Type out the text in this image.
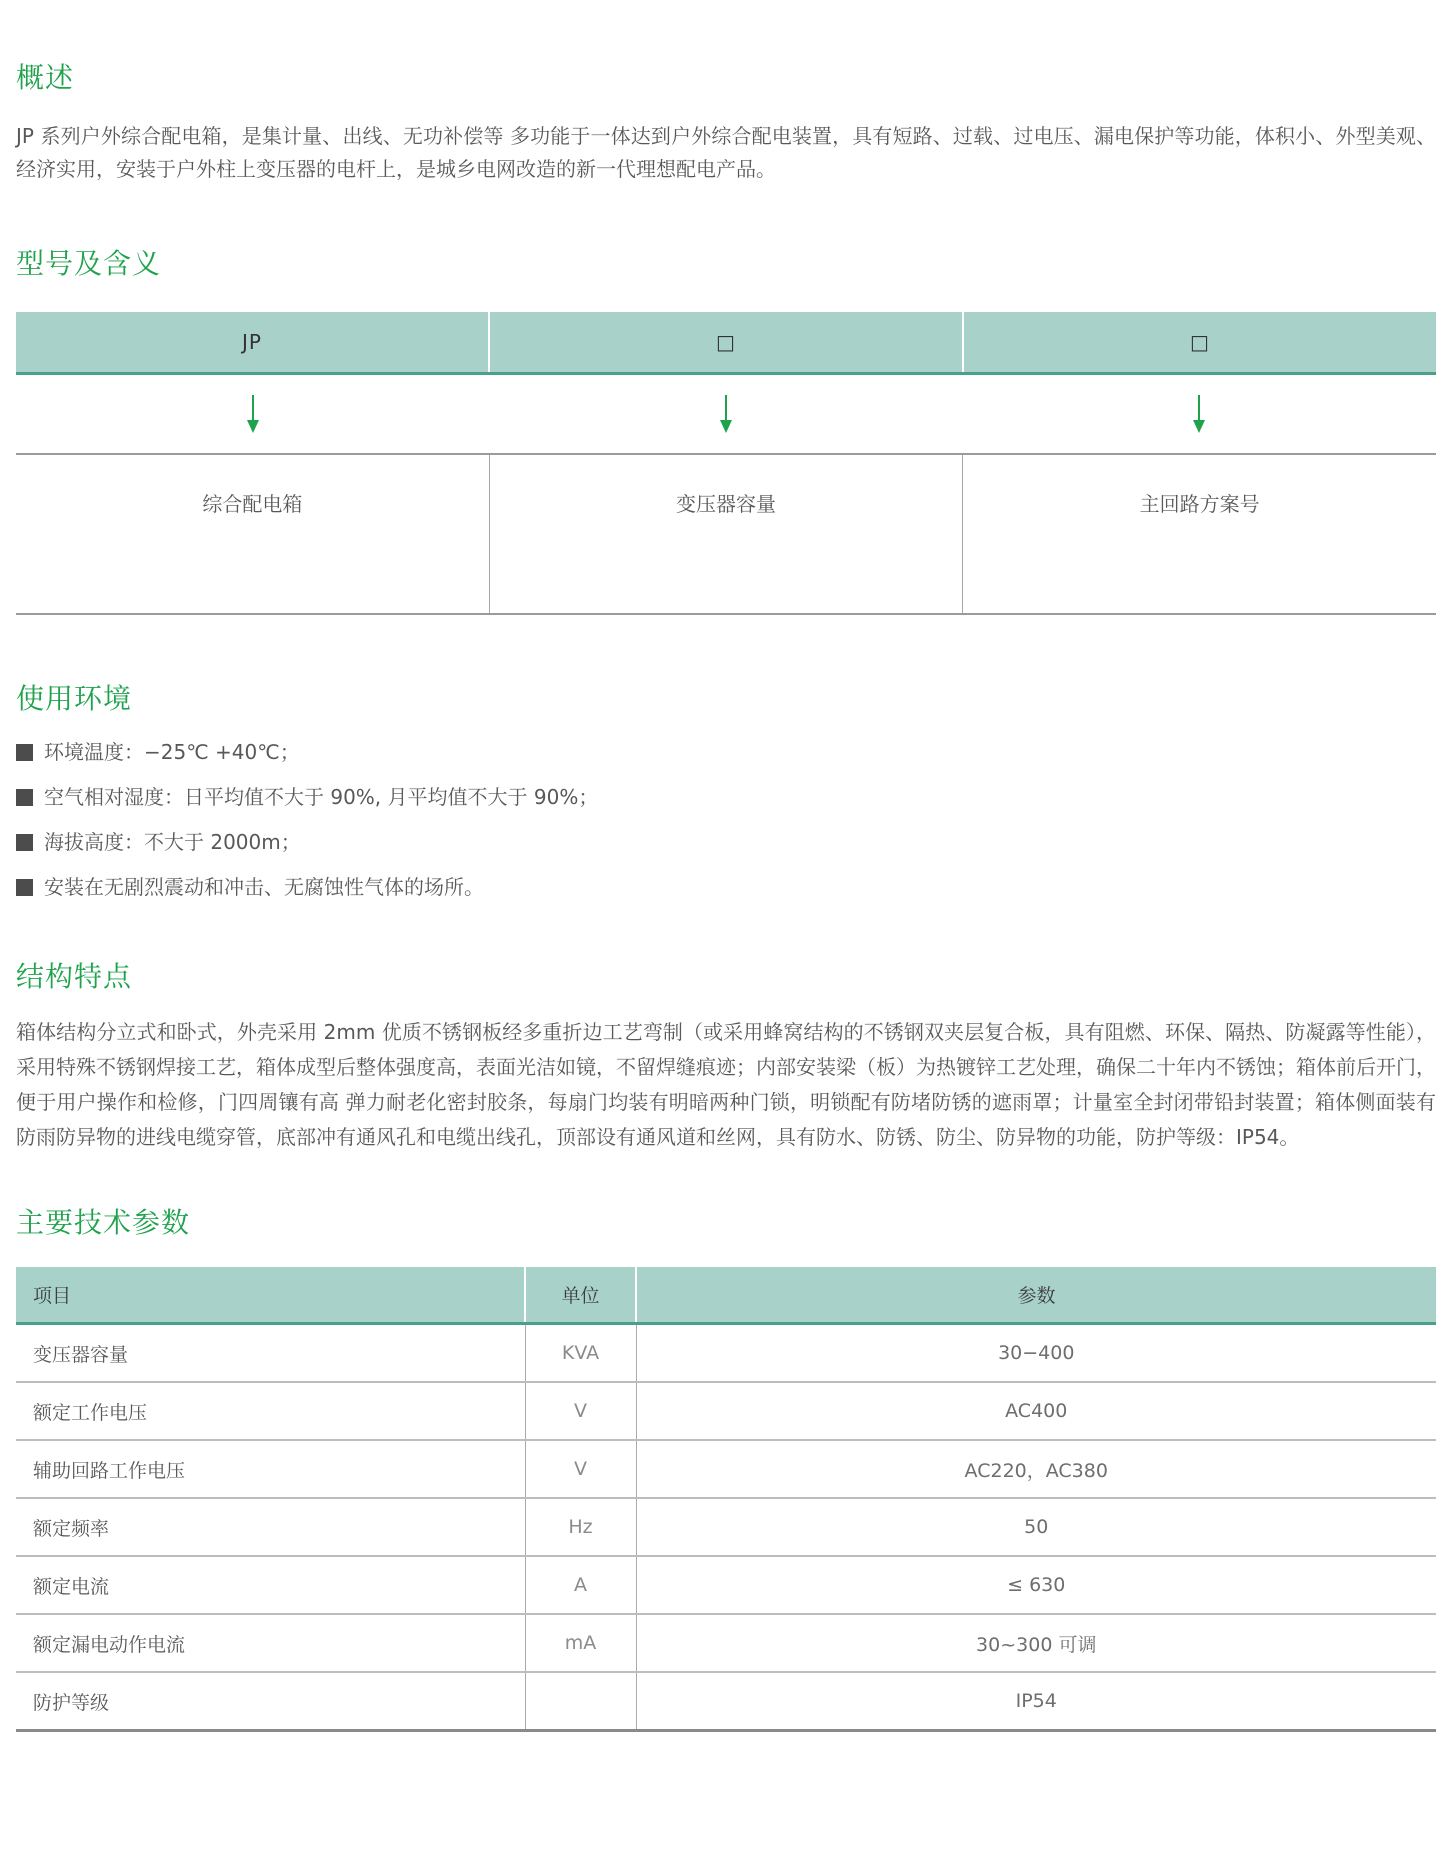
概述

JP 系列户外综合配电箱，是集计量、出线、无功补偿等 多功能于一体达到户外综合配电装置，具有短路、过载、过电压、漏电保护等功能，体积小、外型美观、经济实用，安装于户外柱上变压器的电杆上，是城乡电网改造的新一代理想配电产品。

型号及含义
JP	□	□
综合配电箱	变压器容量	主回路方案号
使用环境
环境温度：−25℃ +40℃；
空气相对湿度：日平均值不大于 90%, 月平均值不大于 90%；
海拔高度：不大于 2000m；
安装在无剧烈震动和冲击、无腐蚀性气体的场所。
结构特点

箱体结构分立式和卧式，外壳采用 2mm 优质不锈钢板经多重折边工艺弯制（或采用蜂窝结构的不锈钢双夹层复合板，具有阻燃、环保、隔热、防凝露等性能），采用特殊不锈钢焊接工艺，箱体成型后整体强度高，表面光洁如镜，不留焊缝痕迹；内部安装梁（板）为热镀锌工艺处理，确保二十年内不锈蚀；箱体前后开门，便于用户操作和检修，门四周镶有高 弹力耐老化密封胶条，每扇门均装有明暗两种门锁，明锁配有防堵防锈的遮雨罩；计量室全封闭带铅封装置；箱体侧面装有防雨防异物的进线电缆穿管，底部冲有通风孔和电缆出线孔，顶部设有通风道和丝网，具有防水、防锈、防尘、防异物的功能，防护等级：IP54。

主要技术参数
项目	单位	参数
变压器容量	KVA	30−400
额定工作电压	V	AC400
辅助回路工作电压	V	AC220，AC380
额定频率	Hz	50
额定电流	A	≤ 630
额定漏电动作电流	mA	30~300 可调
防护等级		IP54
